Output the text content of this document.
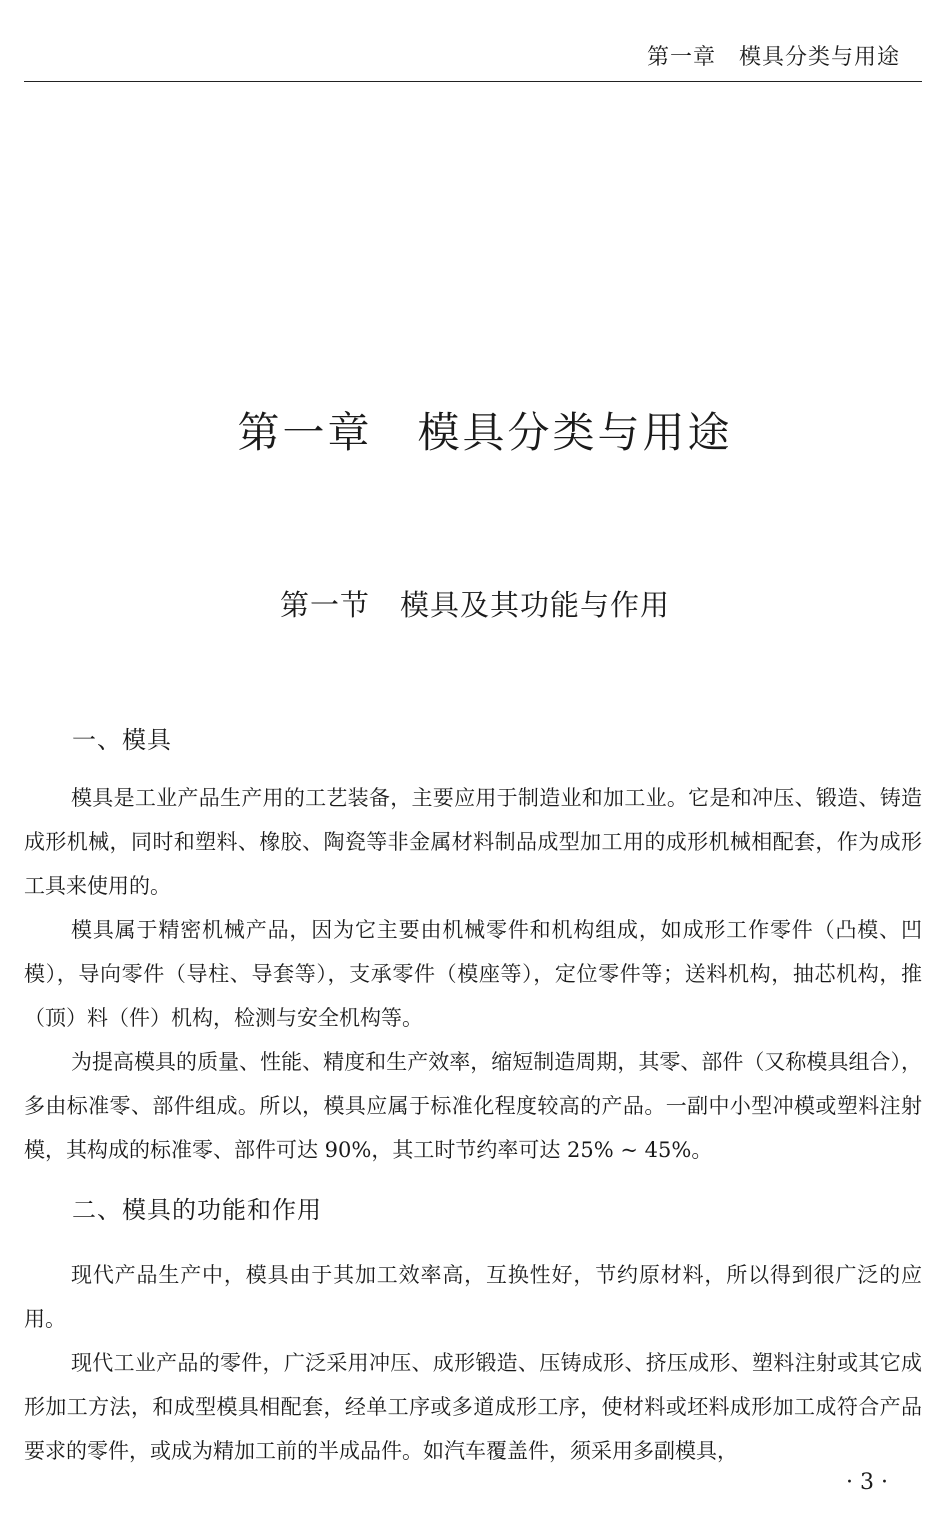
第一章　模具分类与用途
第一章　模具分类与用途
第一节　模具及其功能与作用
一、模具

模具是工业产品生产用的工艺装备，主要应用于制造业和加工业。它是和冲压、锻造、铸造成形机械，同时和塑料、橡胶、陶瓷等非金属材料制品成型加工用的成形机械相配套，作为成形工具来使用的。

模具属于精密机械产品，因为它主要由机械零件和机构组成，如成形工作零件（凸模、凹模），导向零件（导柱、导套等），支承零件（模座等），定位零件等；送料机构，抽芯机构，推（顶）料（件）机构，检测与安全机构等。

为提高模具的质量、性能、精度和生产效率，缩短制造周期，其零、部件（又称模具组合），多由标准零、部件组成。所以，模具应属于标准化程度较高的产品。一副中小型冲模或塑料注射模，其构成的标准零、部件可达 90%，其工时节约率可达 25% ~ 45%。

二、模具的功能和作用

现代产品生产中，模具由于其加工效率高，互换性好，节约原材料，所以得到很广泛的应用。

现代工业产品的零件，广泛采用冲压、成形锻造、压铸成形、挤压成形、塑料注射或其它成形加工方法，和成型模具相配套，经单工序或多道成形工序，使材料或坯料成形加工成符合产品要求的零件，或成为精加工前的半成品件。如汽车覆盖件，须采用多副模具，

· 3 ·
